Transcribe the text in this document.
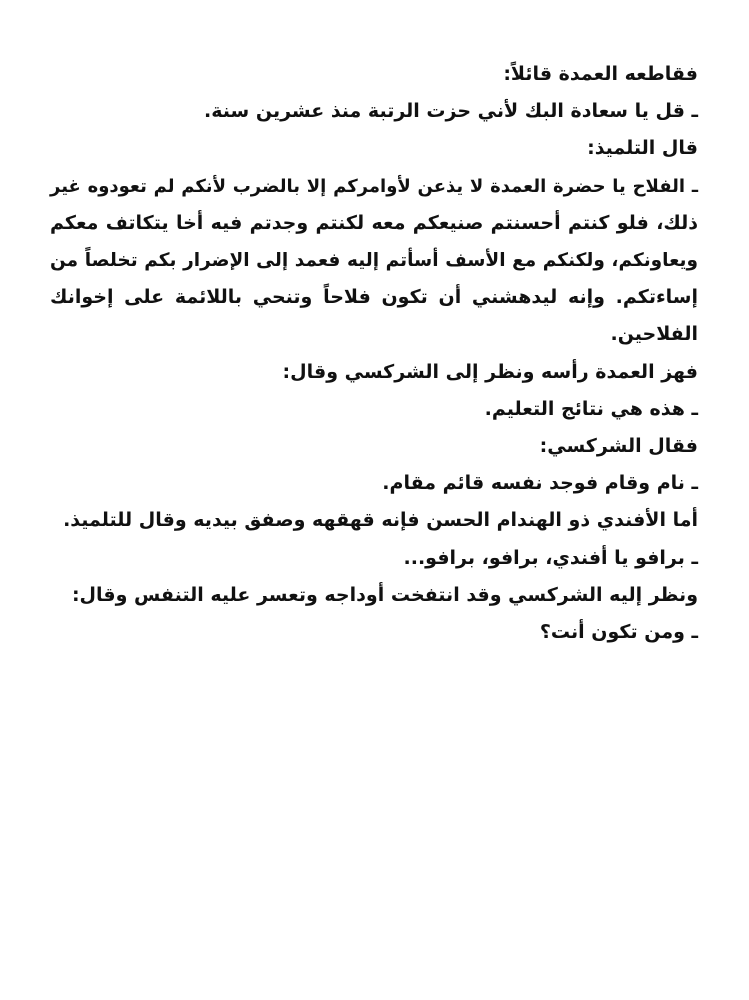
فقاطعه العمدة قائلاً:
ـ قل يا سعادة البك لأني حزت الرتبة منذ عشرين سنة.
قال التلميذ:
ـ الفلاح يا حضرة العمدة لا يذعن لأوامركم إلا بالضرب لأنكم لم تعودوه غير
ذلك، فلو كنتم أحسنتم صنيعكم معه لكنتم وجدتم فيه أخا يتكاتف معكم
ويعاونكم، ولكنكم مع الأسف أسأتم إليه فعمد إلى الإضرار بكم تخلصاً من
إساءتكم. وإنه ليدهشني أن تكون فلاحاً وتنحي باللائمة على إخوانك
الفلاحين.
فهز العمدة رأسه ونظر إلى الشركسي وقال:
ـ هذه هي نتائج التعليم.
فقال الشركسي:
ـ نام وقام فوجد نفسه قائم مقام.
أما الأفندي ذو الهندام الحسن فإنه قهقهه وصفق بيديه وقال للتلميذ.
ـ برافو يا أفندي، برافو، برافو...
ونظر إليه الشركسي وقد انتفخت أوداجه وتعسر عليه التنفس وقال:
ـ ومن تكون أنت؟
